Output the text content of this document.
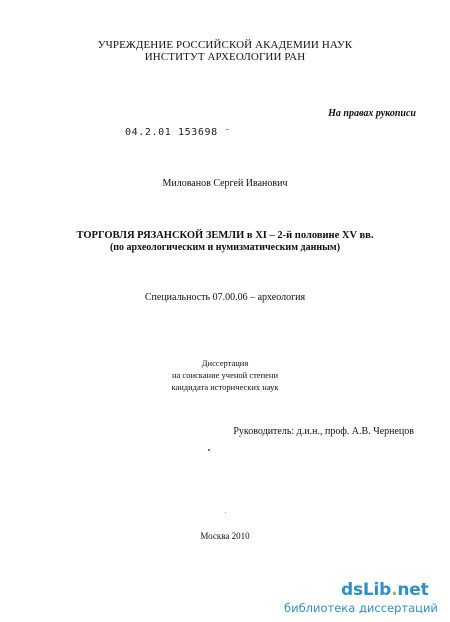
УЧРЕЖДЕНИЕ РОССИЙСКОЙ АКАДЕМИИ НАУК
ИНСТИТУТ АРХЕОЛОГИИ РАН
На правах рукописи
04.2.01 153698 ⁻
Милованов Сергей Иванович
ТОРГОВЛЯ РЯЗАНСКОЙ ЗЕМЛИ в XI – 2-й половине XV вв.
(по археологическим и нумизматическим данным)
Специальность 07.00.06 – археология
Диссертация
на соискание ученой степени
кандидата исторических наук
Руководитель: д.и.н., проф. А.В. Чернецов
Москва 2010
dsLib.net
библиотека диссертаций
